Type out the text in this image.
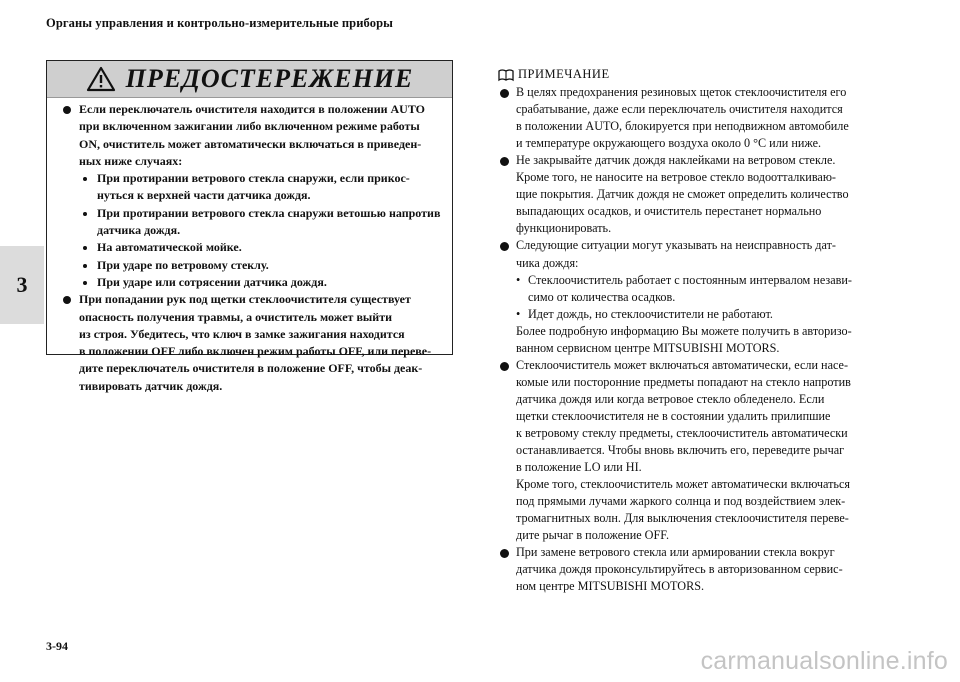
Органы управления и контрольно-измерительные приборы
3
ПРЕДОСТЕРЕЖЕНИЕ
Если переключатель очистителя находится в положении AUTO
при включенном зажигании либо включенном режиме работы
ON, очиститель может автоматически включаться в приведен-
ных ниже случаях:
При протирании ветрового стекла снаружи, если прикос-
нуться к верхней части датчика дождя.
При протирании ветрового стекла снаружи ветошью напротив
датчика дождя.
На автоматической мойке.
При ударе по ветровому стеклу.
При ударе или сотрясении датчика дождя.
При попадании рук под щетки стеклоочистителя существует
опасность получения травмы, а очиститель может выйти
из строя. Убедитесь, что ключ в замке зажигания находится
в положении OFF либо включен режим работы OFF, или переве-
дите переключатель очистителя в положение OFF, чтобы деак-
тивировать датчик дождя.
ПРИМЕЧАНИЕ
В целях предохранения резиновых щеток стеклоочистителя его
срабатывание, даже если переключатель очистителя находится
в положении AUTO, блокируется при неподвижном автомобиле
и температуре окружающего воздуха около 0 °C или ниже.
Не закрывайте датчик дождя наклейками на ветровом стекле.
Кроме того, не наносите на ветровое стекло водоотталкиваю-
щие покрытия. Датчик дождя не сможет определить количество
выпадающих осадков, и очиститель перестанет нормально
функционировать.
Следующие ситуации могут указывать на неисправность дат-
чика дождя:
• Стеклоочиститель работает с постоянным интервалом незави-
симо от количества осадков.
• Идет дождь, но стеклоочистители не работают.
Более подробную информацию Вы можете получить в авторизо-
ванном сервисном центре MITSUBISHI MOTORS.
Стеклоочиститель может включаться автоматически, если насе-
комые или посторонние предметы попадают на стекло напротив
датчика дождя или когда ветровое стекло обледенело. Если
щетки стеклоочистителя не в состоянии удалить прилипшие
к ветровому стеклу предметы, стеклоочиститель автоматически
останавливается. Чтобы вновь включить его, переведите рычаг
в положение LO или HI.
Кроме того, стеклоочиститель может автоматически включаться
под прямыми лучами жаркого солнца и под воздействием элек-
тромагнитных волн. Для выключения стеклоочистителя переве-
дите рычаг в положение OFF.
При замене ветрового стекла или армировании стекла вокруг
датчика дождя проконсультируйтесь в авторизованном сервис-
ном центре MITSUBISHI MOTORS.
3-94
carmanualsonline.info
